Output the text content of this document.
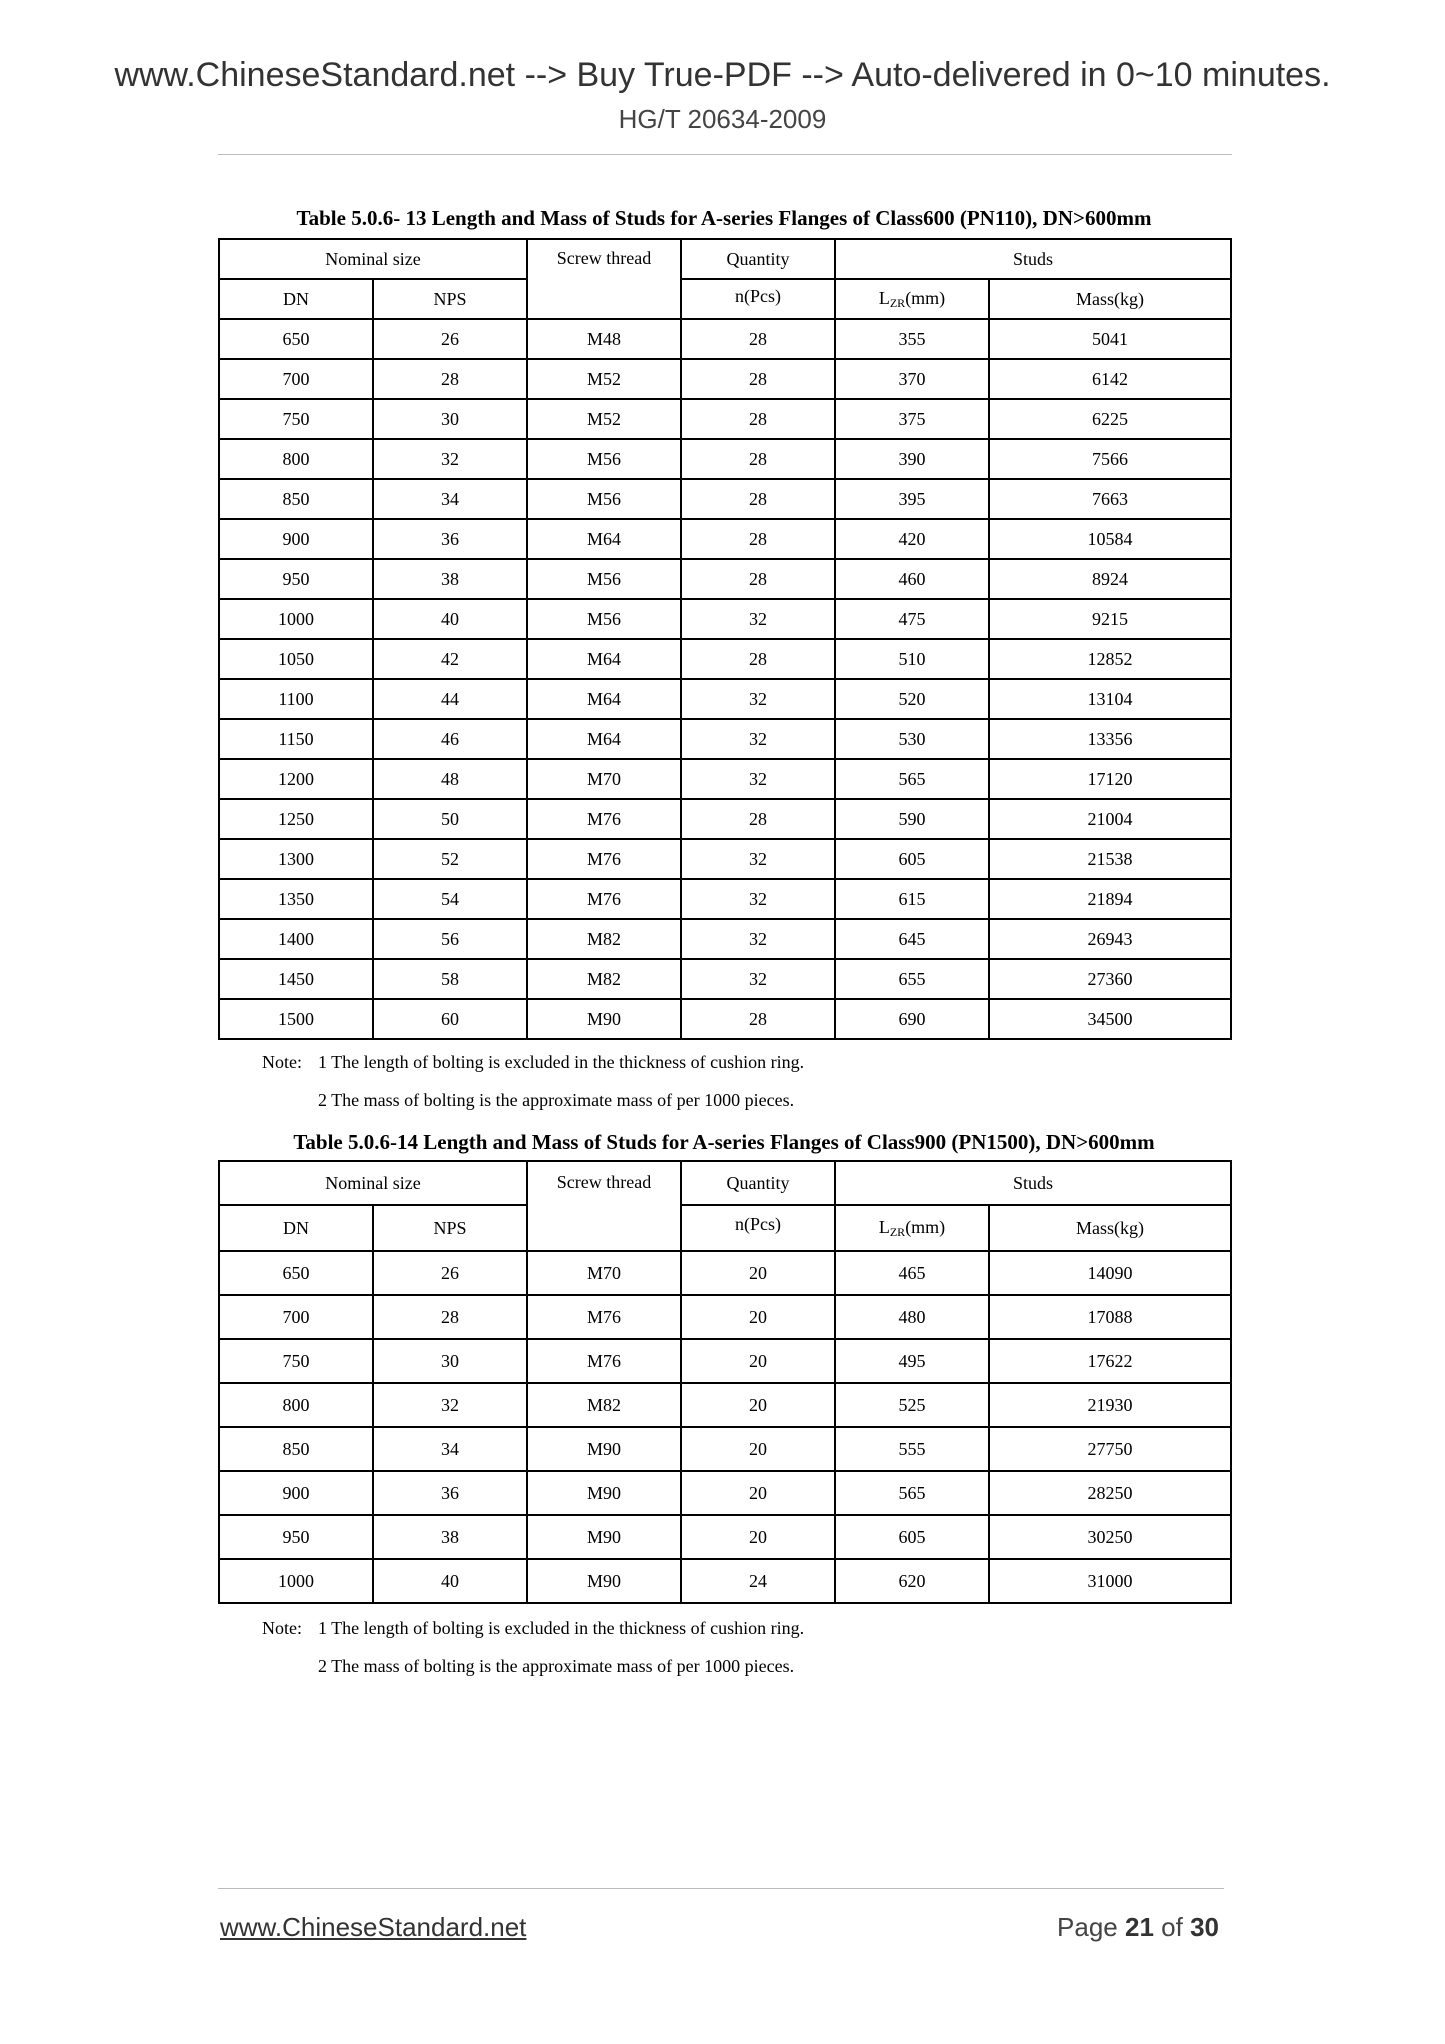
www.ChineseStandard.net --> Buy True-PDF --> Auto-delivered in 0~10 minutes.
HG/T 20634-2009
Table 5.0.6- 13 Length and Mass of Studs for A-series Flanges of Class600 (PN110), DN>600mm
Nominal size		Screw thread	Quantity	Studs	
DN	NPS		n(Pcs)	$L_{ZR}(mm)$	Mass(kg)
650	26	M48	28	355	5041
700	28	M52	28	370	6142
750	30	M52	28	375	6225
800	32	M56	28	390	7566
850	34	M56	28	395	7663
900	36	M64	28	420	10584
950	38	M56	28	460	8924
1000	40	M56	32	475	9215
1050	42	M64	28	510	12852
1100	44	M64	32	520	13104
1150	46	M64	32	530	13356
1200	48	M70	32	565	17120
1250	50	M76	28	590	21004
1300	52	M76	32	605	21538
1350	54	M76	32	615	21894
1400	56	M82	32	645	26943
1450	58	M82	32	655	27360
1500	60	M90	28	690	34500
Note: 1 The length of bolting is excluded in the thickness of cushion ring.
2 The mass of bolting is the approximate mass of per 1000 pieces.
Table 5.0.6-14 Length and Mass of Studs for A-series Flanges of Class900 (PN1500), DN>600mm
Nominal size		Screw thread	Quantity	Studs	
DN	NPS		n(Pcs)	$L_{ZR}(mm)$	Mass(kg)
650	26	M70	20	465	14090
700	28	M76	20	480	17088
750	30	M76	20	495	17622
800	32	M82	20	525	21930
850	34	M90	20	555	27750
900	36	M90	20	565	28250
950	38	M90	20	605	30250
1000	40	M90	24	620	31000
Note: 1 The length of bolting is excluded in the thickness of cushion ring.
2 The mass of bolting is the approximate mass of per 1000 pieces.
www.ChineseStandard.net	Page 21 of 30
